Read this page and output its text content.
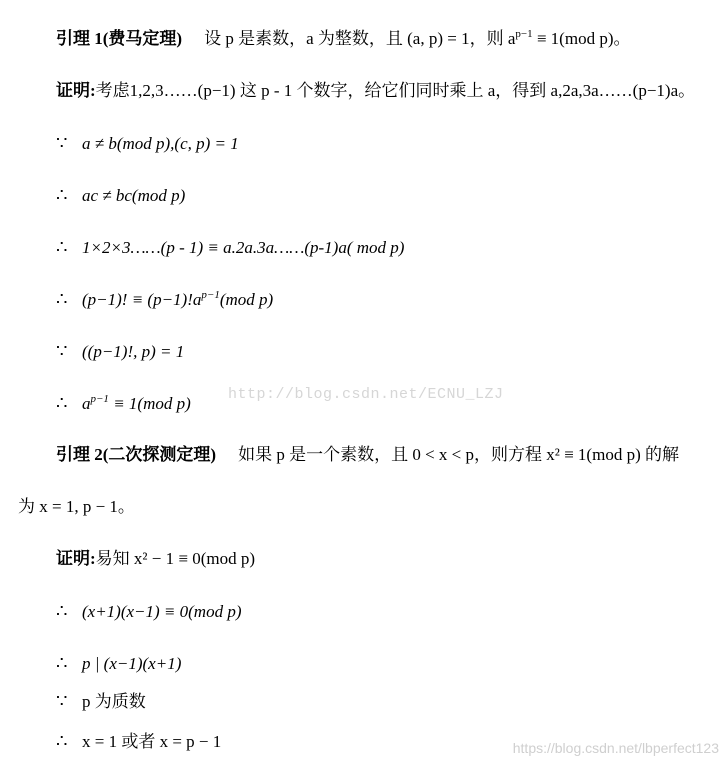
引理 1(费马定理) 设 p 是素数，a 为整数，且 (a, p) = 1，则 $a^{p-1} \equiv 1(mod$ p)。
证明:考虑1,2,3……(p−1) 这 p - 1 个数字，给它们同时乘上 a，得到 a,2a,3a……(p−1)a。
∵ a ≠ b(mod p),(c, p) = 1
∴ ac ≠ bc(mod p)
∴ 1×2×3……(p - 1) ≡ a.2a.3a……(p-1)a( mod p)
∴ (p−1)! ≡ $(p-1)!a^{p-1}(mod$ p)
∵ ((p−1)!, p) = 1
∴ $a^{p-1} \equiv 1(mod$ p)
引理 2(二次探测定理) 如果 p 是一个素数，且 0 < x < p，则方程 x² ≡ 1(mod p) 的解
为 x = 1, p − 1。
证明:易知 x² − 1 ≡ 0(mod p)
∴ (x+1)(x−1) ≡ 0(mod p)
∴ p | (x−1)(x+1)
∵ p 为质数
∴ x = 1 或者 x = p − 1
http://blog.csdn.net/ECNU_LZJ
https://blog.csdn.net/lbperfect123
